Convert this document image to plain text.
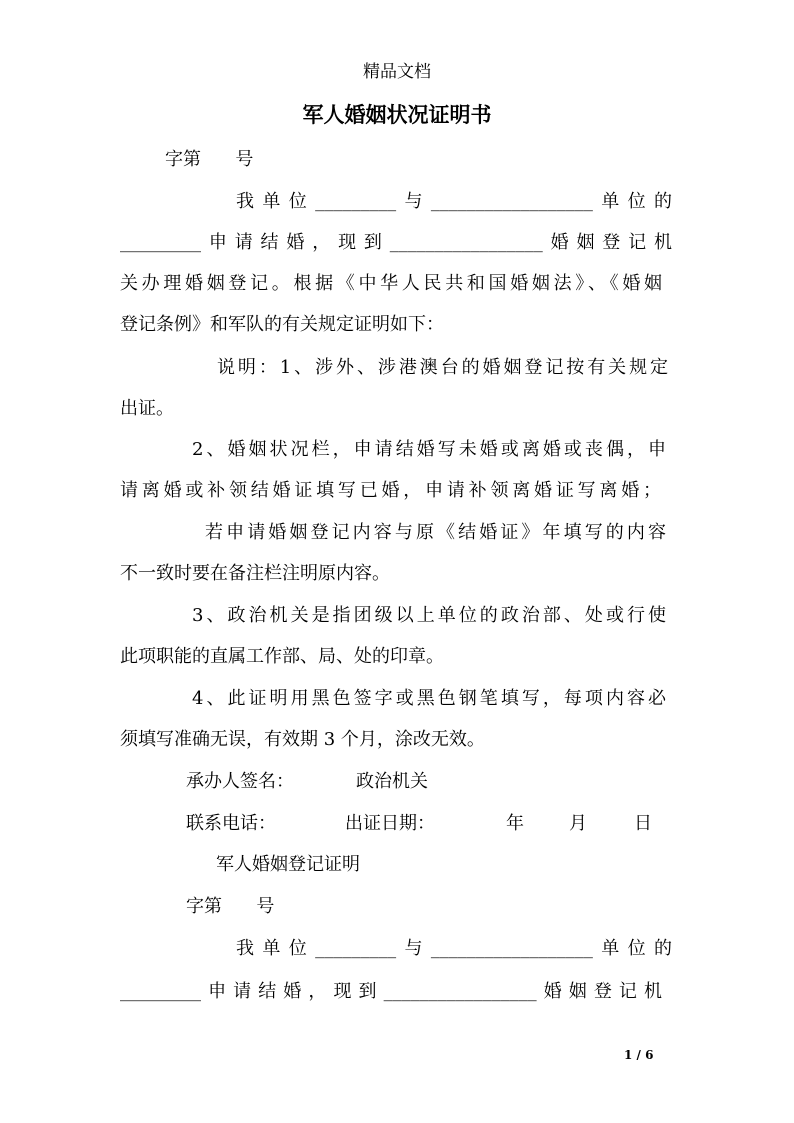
精品文档
军人婚姻状况证明书
字第      号
我单位_________与__________________单位的
_________申请结婚，现到_________________婚姻登记机
关办理婚姻登记。根据《中华人民共和国婚姻法》、《婚姻
登记条例》和军队的有关规定证明如下：
说明：1、涉外、涉港澳台的婚姻登记按有关规定
出证。
2、婚姻状况栏，申请结婚写未婚或离婚或丧偶，申
请离婚或补领结婚证填写已婚，申请补领离婚证写离婚；
若申请婚姻登记内容与原《结婚证》年填写的内容
不一致时要在备注栏注明原内容。
3、政治机关是指团级以上单位的政治部、处或行使
此项职能的直属工作部、局、处的印章。
4、此证明用黑色签字或黑色钢笔填写，每项内容必
须填写准确无误，有效期 3 个月，涂改无效。
承办人签名：	政治机关
联系电话：	出证日期：	年	月	日
军人婚姻登记证明
字第      号
我单位_________与__________________单位的
_________申请结婚，现到_________________婚姻登记机
1 / 6
